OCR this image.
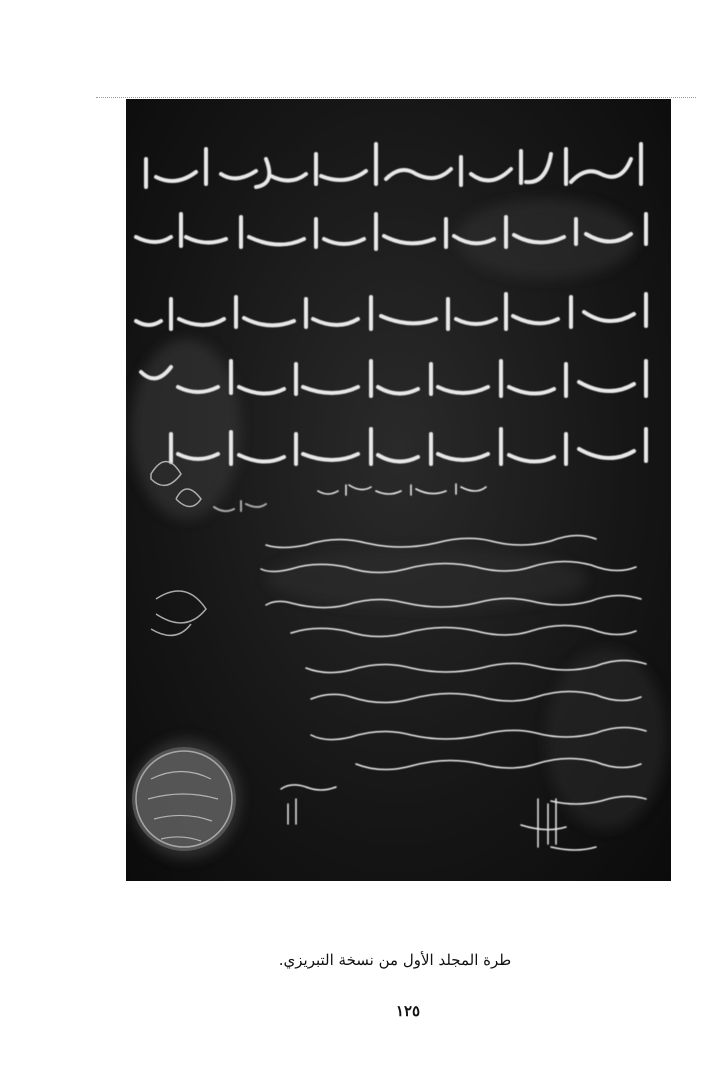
طرة المجلد الأول من نسخة التبريزي.
١٢٥
